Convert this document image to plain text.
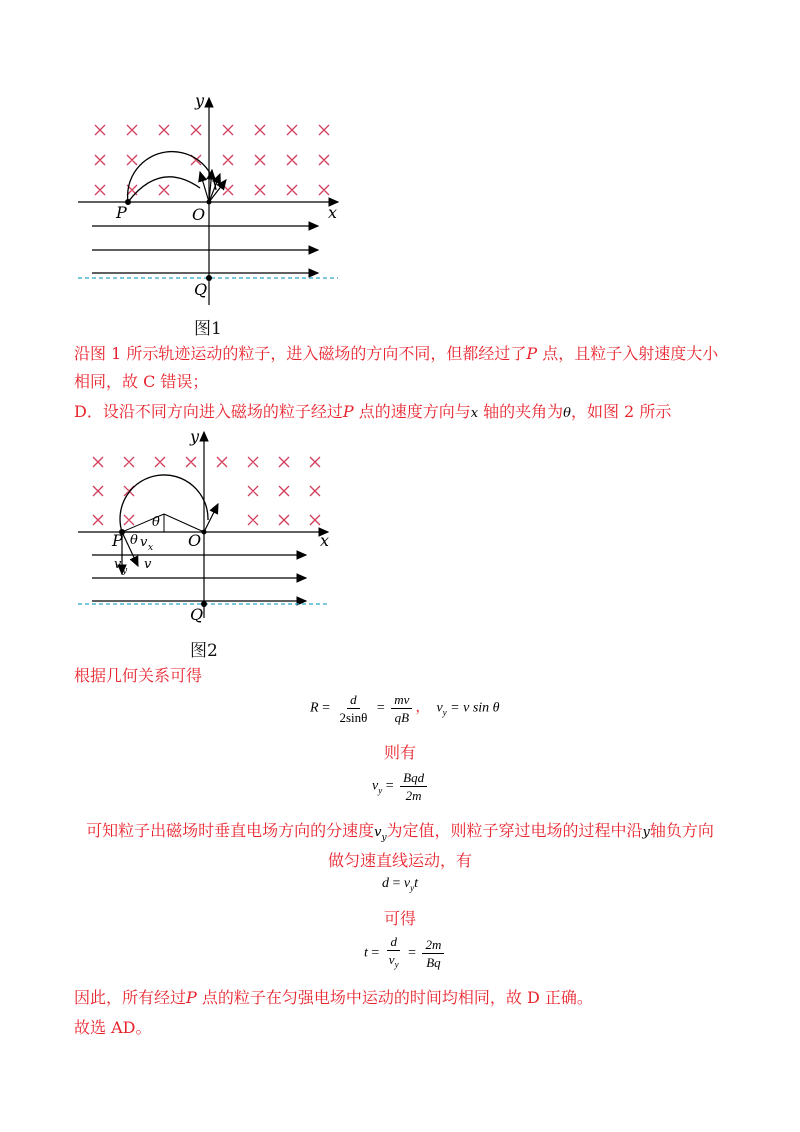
y
x
P	O
Q
图1
沿图 1 所示轨迹运动的粒子，进入磁场的方向不同，但都经过了P 点，且粒子入射速度大小
相同，故 C 错误；
D．设沿不同方向进入磁场的粒子经过P 点的速度方向与x 轴的夹角为θ，如图 2 所示
y
x
P	O
Q
θ
θ v x
v y v
图2
根据几何关系可得
$R = \frac{d}{2\sin\theta} = \frac{mv}{qB}$ ， $v_y = v$ sin θ
则有
$v_y = \frac{\text{Bqd}}{2m}$
可知粒子出磁场时垂直电场方向的分速度$v_y$为定值，则粒子穿过电场的过程中沿y轴负方向
做匀速直线运动，有
$d = v_yt$
可得
$t = \frac{d}{v_y} = \frac{2m}{Bq}$
因此，所有经过P 点的粒子在匀强电场中运动的时间均相同，故 D 正确。
故选 AD。
